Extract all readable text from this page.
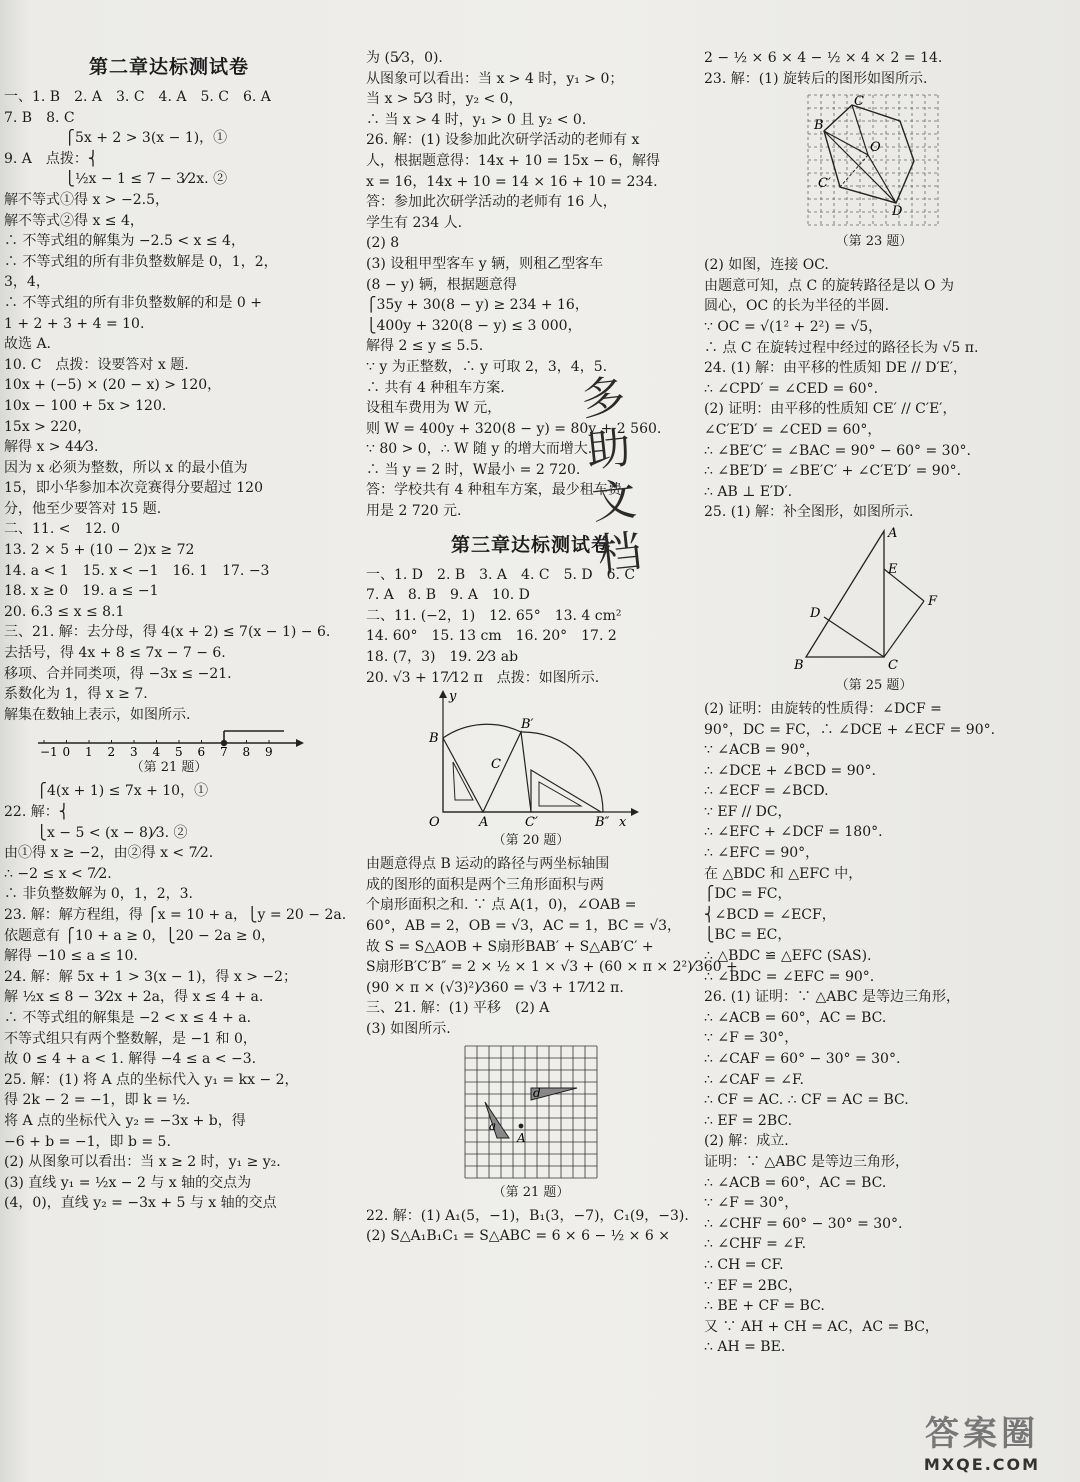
第二章达标测试卷
一、1. B　2. A　3. C　4. A　5. C　6. A
7. B　8. C
　　　　 ⎧5x + 2 > 3(x − 1)，①
9. A　点拨：⎨
　　　　 ⎩½x − 1 ≤ 7 − 3⁄2x. ②
解不等式①得 x > −2.5，
解不等式②得 x ≤ 4，
∴ 不等式组的解集为 −2.5 < x ≤ 4，
∴ 不等式组的所有非负整数解是 0，1，2，
3，4，
∴ 不等式组的所有非负整数解的和是 0 +
1 + 2 + 3 + 4 = 10.
故选 A.
10. C　点拨：设要答对 x 题.
10x + (−5) × (20 − x) > 120，
10x − 100 + 5x > 120.
15x > 220，
解得 x > 44⁄3.
因为 x 必须为整数，所以 x 的最小值为
15，即小华参加本次竞赛得分要超过 120
分，他至少要答对 15 题.
二、11. <　12. 0
13. 2 × 5 + (10 − 2)x ≥ 72
14. a < 1　15. x < −1　16. 1　17. −3
18. x ≥ 0　19. a ≤ −1
20. 6.3 ≤ x ≤ 8.1
三、21. 解：去分母，得 4(x + 2) ≤ 7(x − 1) − 6.
去括号，得 4x + 8 ≤ 7x − 7 − 6.
移项、合并同类项，得 −3x ≤ −21.
系数化为 1，得 x ≥ 7.
解集在数轴上表示，如图所示.
−1 0 1 2 3 4 5 6 7 8 9
（第 21 题）
　　 ⎧4(x + 1) ≤ 7x + 10，①
22. 解：⎨
　　 ⎩x − 5 < (x − 8)⁄3. ②
由①得 x ≥ −2，由②得 x < 7⁄2.
∴ −2 ≤ x < 7⁄2.
∴ 非负整数解为 0，1，2，3.
23. 解：解方程组，得 ⎧x = 10 + a，⎩y = 20 − 2a.
依题意有 ⎧10 + a ≥ 0，⎩20 − 2a ≥ 0，
解得 −10 ≤ a ≤ 10.
24. 解：解 5x + 1 > 3(x − 1)，得 x > −2；
解 ½x ≤ 8 − 3⁄2x + 2a，得 x ≤ 4 + a.
∴ 不等式组的解集是 −2 < x ≤ 4 + a.
不等式组只有两个整数解，是 −1 和 0，
故 0 ≤ 4 + a < 1. 解得 −4 ≤ a < −3.
25. 解：(1) 将 A 点的坐标代入 y₁ = kx − 2，
得 2k − 2 = −1，即 k = ½.
将 A 点的坐标代入 y₂ = −3x + b，得
−6 + b = −1，即 b = 5.
(2) 从图象可以看出：当 x ≥ 2 时，y₁ ≥ y₂.
(3) 直线 y₁ = ½x − 2 与 x 轴的交点为
(4，0)，直线 y₂ = −3x + 5 与 x 轴的交点
为 (5⁄3，0).
从图象可以看出：当 x > 4 时，y₁ > 0；
当 x > 5⁄3 时，y₂ < 0，
∴ 当 x > 4 时，y₁ > 0 且 y₂ < 0.
26. 解：(1) 设参加此次研学活动的老师有 x
人，根据题意得：14x + 10 = 15x − 6，解得
x = 16，14x + 10 = 14 × 16 + 10 = 234.
答：参加此次研学活动的老师有 16 人，
学生有 234 人.
(2) 8
(3) 设租甲型客车 y 辆，则租乙型客车
(8 − y) 辆，根据题意得
⎧35y + 30(8 − y) ≥ 234 + 16，
⎩400y + 320(8 − y) ≤ 3 000，
解得 2 ≤ y ≤ 5.5.
∵ y 为正整数，∴ y 可取 2，3，4，5.
∴ 共有 4 种租车方案.
设租车费用为 W 元，
则 W = 400y + 320(8 − y) = 80y + 2 560.
∵ 80 > 0，∴ W 随 y 的增大而增大.
∴ 当 y = 2 时，W最小 = 2 720.
答：学校共有 4 种租车方案，最少租车费
用是 2 720 元.
第三章达标测试卷
一、1. D　2. B　3. A　4. C　5. D　6. C
7. A　8. B　9. A　10. D
二、11. (−2，1)　12. 65°　13. 4 cm²
14. 60°　15. 13 cm　16. 20°　17. 2
18. (7，3)　19. 2⁄3 ab
20. √3 + 17⁄12 π　点拨：如图所示.
B′
B
C
O	A	C′	B″ x
y
（第 20 题）
由题意得点 B 运动的路径与两坐标轴围
成的图形的面积是两个三角形面积与两
个扇形面积之和. ∵ 点 A(1，0)，∠OAB =
60°，AB = 2，OB = √3，AC = 1，BC = √3，
故 S = S△AOB + S扇形BAB′ + S△AB′C′ +
S扇形B′C′B″ = 2 × ½ × 1 × √3 + (60 × π × 2²)⁄360 +
(90 × π × (√3)²)⁄360 = √3 + 17⁄12 π.
三、21. 解：(1) 平移　(2) A
(3) 如图所示.
a
d
A
（第 21 题）
22. 解：(1) A₁(5，−1)，B₁(3，−7)，C₁(9，−3).
(2) S△A₁B₁C₁ = S△ABC = 6 × 6 − ½ × 6 ×
2 − ½ × 6 × 4 − ½ × 4 × 2 = 14.
23. 解：(1) 旋转后的图形如图所示.
B
C
O
C′
D
（第 23 题）
(2) 如图，连接 OC.
由题意可知，点 C 的旋转路径是以 O 为
圆心，OC 的长为半径的半圆.
∵ OC = √(1² + 2²) = √5，
∴ 点 C 在旋转过程中经过的路径长为 √5 π.
24. (1) 解：由平移的性质知 DE // D′E′，
∴ ∠CPD′ = ∠CED = 60°.
(2) 证明：由平移的性质知 CE′ // C′E′，
∠C′E′D′ = ∠CED = 60°，
∴ ∠BE′C′ = ∠BAC = 90° − 60° = 30°.
∴ ∠BE′D′ = ∠BE′C′ + ∠C′E′D′ = 90°.
∴ AB ⊥ E′D′.
25. (1) 解：补全图形，如图所示.
A
E
F
D
B	C
（第 25 题）
(2) 证明：由旋转的性质得：∠DCF =
90°，DC = FC，∴ ∠DCE + ∠ECF = 90°.
∵ ∠ACB = 90°，
∴ ∠DCE + ∠BCD = 90°.
∴ ∠ECF = ∠BCD.
∵ EF // DC，
∴ ∠EFC + ∠DCF = 180°.
∴ ∠EFC = 90°，
在 △BDC 和 △EFC 中，
⎧DC = FC，
⎨∠BCD = ∠ECF，
⎩BC = EC，
∴ △BDC ≌ △EFC (SAS).
∴ ∠BDC = ∠EFC = 90°.
26. (1) 证明：∵ △ABC 是等边三角形，
∴ ∠ACB = 60°，AC = BC.
∵ ∠F = 30°，
∴ ∠CAF = 60° − 30° = 30°.
∴ ∠CAF = ∠F.
∴ CF = AC. ∴ CF = AC = BC.
∴ EF = 2BC.
(2) 解：成立.
证明：∵ △ABC 是等边三角形，
∴ ∠ACB = 60°，AC = BC.
∵ ∠F = 30°，
∴ ∠CHF = 60° − 30° = 30°.
∴ ∠CHF = ∠F.
∴ CH = CF.
∵ EF = 2BC，
∴ BE + CF = BC.
又 ∵ AH + CH = AC，AC = BC，
∴ AH = BE.
多
助
文
档
答案圈
MXQE.COM
